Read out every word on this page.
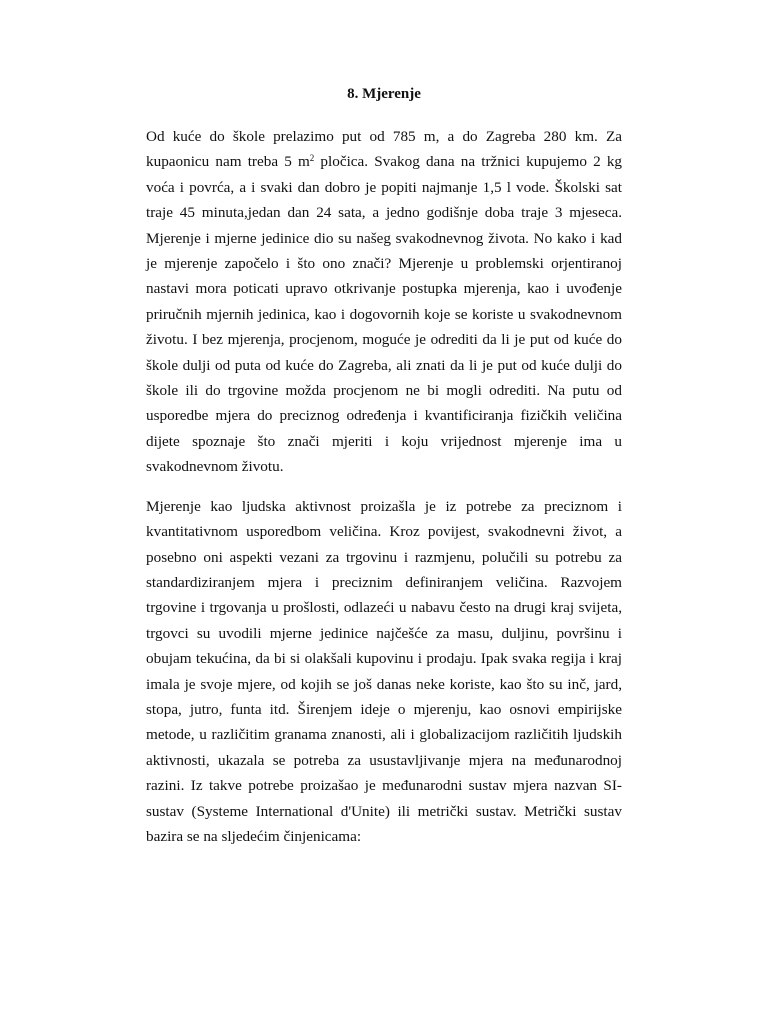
8. Mjerenje

Od kuće do škole prelazimo put od 785 m, a do Zagreba 280 km. Za kupaonicu nam treba 5 $m^2$ pločica. Svakog dana na tržnici kupujemo 2 kg voća i povrća, a i svaki dan dobro je popiti najmanje 1,5 l vode. Školski sat traje 45 minuta,jedan dan 24 sata, a jedno godišnje doba traje 3 mjeseca. Mjerenje i mjerne jedinice dio su našeg svakodnevnog života. No kako i kad je mjerenje započelo i što ono znači? Mjerenje u problemski orjentiranoj nastavi mora poticati upravo otkrivanje postupka mjerenja, kao i uvođenje priručnih mjernih jedinica, kao i dogovornih koje se koriste u svakodnevnom životu. I bez mjerenja, procjenom, moguće je odrediti da li je put od kuće do škole dulji od puta od kuće do Zagreba, ali znati da li je put od kuće dulji do škole ili do trgovine možda procjenom ne bi mogli odrediti. Na putu od usporedbe mjera do preciznog određenja i kvantificiranja fizičkih veličina dijete spoznaje što znači mjeriti i koju vrijednost mjerenje ima u svakodnevnom životu.

Mjerenje kao ljudska aktivnost proizašla je iz potrebe za preciznom i kvantitativnom usporedbom veličina. Kroz povijest, svakodnevni život, a posebno oni aspekti vezani za trgovinu i razmjenu, polučili su potrebu za standardiziranjem mjera i preciznim definiranjem veličina. Razvojem trgovine i trgovanja u prošlosti, odlazeći u nabavu često na drugi kraj svijeta, trgovci su uvodili mjerne jedinice najčešće za masu, duljinu, površinu i obujam tekućina, da bi si olakšali kupovinu i prodaju. Ipak svaka regija i kraj imala je svoje mjere, od kojih se još danas neke koriste, kao što su inč, jard, stopa, jutro, funta itd. Širenjem ideje o mjerenju, kao osnovi empirijske metode, u različitim granama znanosti, ali i globalizacijom različitih ljudskih aktivnosti, ukazala se potreba za usustavljivanje mjera na međunarodnoj razini. Iz takve potrebe proizašao je međunarodni sustav mjera nazvan SI-sustav (Systeme International d'Unite) ili metrički sustav. Metrički sustav bazira se na sljedećim činjenicama:
